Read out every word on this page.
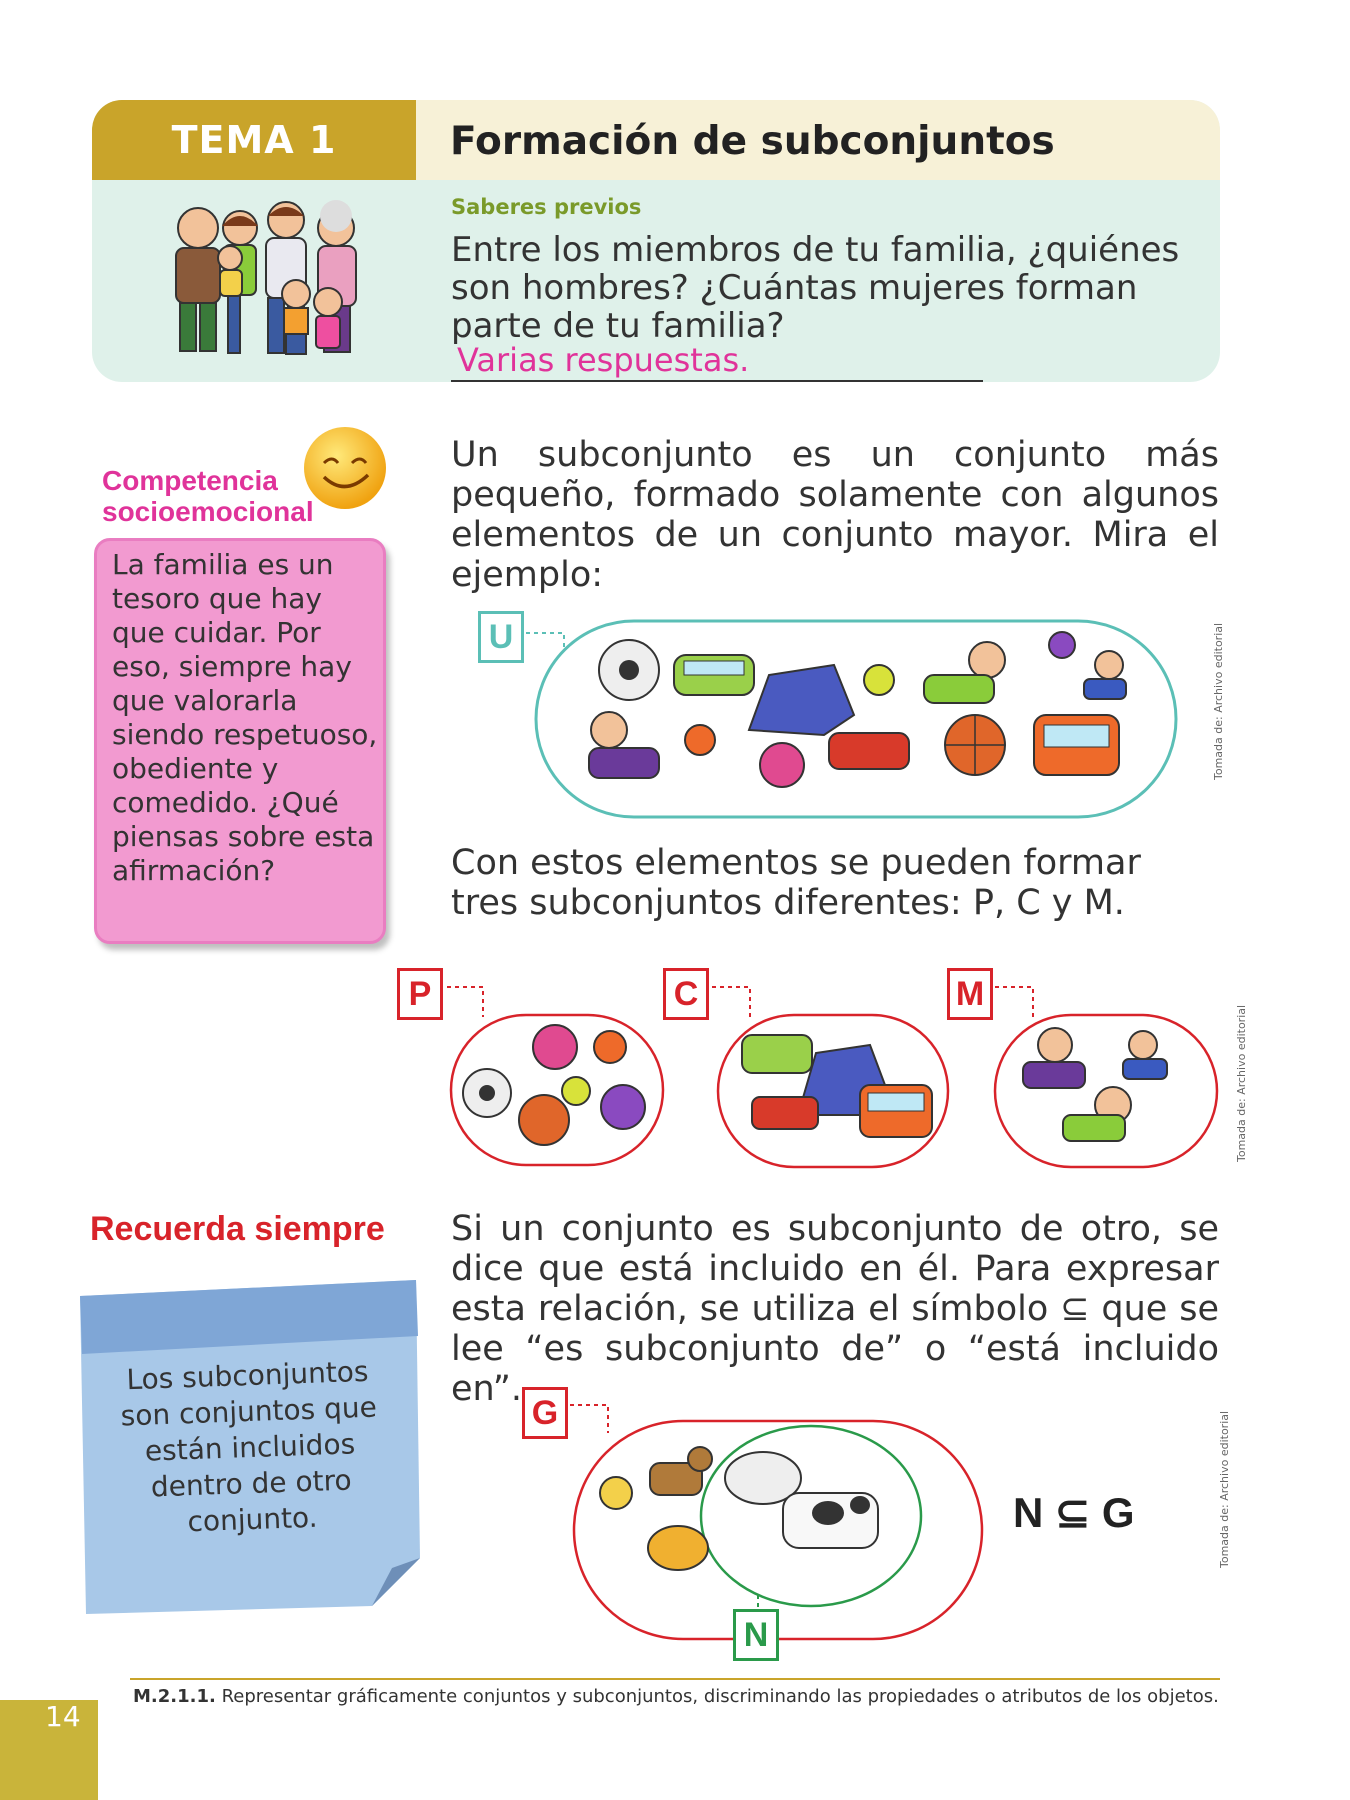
TEMA 1	Formación de subconjuntos
Saberes previos
Entre los miembros de tu familia, ¿quiénes son hombres? ¿Cuántas mujeres forman parte de tu familia?
Varias respuestas.
Competencia
socioemocional
La familia es un tesoro que hay que cuidar. Por eso, siempre hay que valorarla siendo respetuoso, obediente y comedido. ¿Qué piensas sobre esta afirmación?
Un subconjunto es un conjunto más pequeño, formado solamente con algunos elementos de un conjunto mayor. Mira el ejemplo:
U	Tomada de: Archivo editorial
Con estos elementos se pueden formar tres subconjuntos diferentes: P, C y M.
P	C	M
Tomada de: Archivo editorial
Recuerda siempre
Los subconjuntos son conjuntos que están incluidos dentro de otro conjunto.
Si un conjunto es subconjunto de otro, se dice que está incluido en él. Para expresar esta relación, se utiliza el símbolo ⊆ que se lee “es subconjunto de” o “está incluido en”.
G
N
N ⊆ G	Tomada de: Archivo editorial
M.2.1.1. Representar gráficamente conjuntos y subconjuntos, discriminando las propiedades o atributos de los objetos.
14
